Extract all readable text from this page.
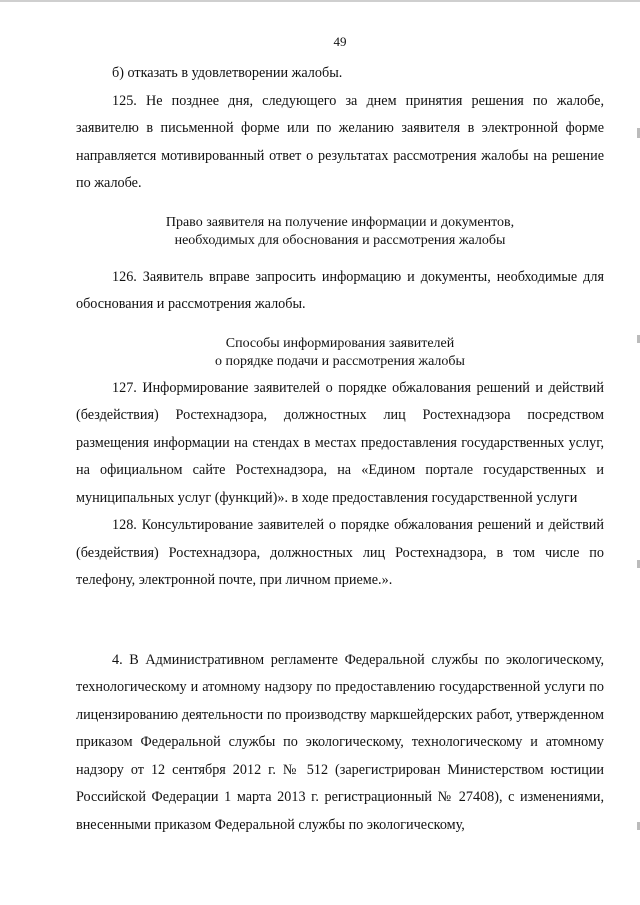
49

б) отказать в удовлетворении жалобы.

125. Не позднее дня, следующего за днем принятия решения по жалобе, заявителю в письменной форме или по желанию заявителя в электронной форме направляется мотивированный ответ о результатах рассмотрения жалобы на решение по жалобе.

Право заявителя на получение информации и документов,
необходимых для обоснования и рассмотрения жалобы

126. Заявитель вправе запросить информацию и документы, необходимые для обоснования и рассмотрения жалобы.

Способы информирования заявителей
о порядке подачи и рассмотрения жалобы

127. Информирование заявителей о порядке обжалования решений и действий (бездействия) Ростехнадзора, должностных лиц Ростехнадзора посредством размещения информации на стендах в местах предоставления государственных услуг, на официальном сайте Ростехнадзора, на «Едином портале государственных и муниципальных услуг (функций)». в ходе предоставления государственной услуги

128. Консультирование заявителей о порядке обжалования решений и действий (бездействия) Ростехнадзора, должностных лиц Ростехнадзора, в том числе по телефону, электронной почте, при личном приеме.».

4. В Административном регламенте Федеральной службы по экологическому, технологическому и атомному надзору по предоставлению государственной услуги по лицензированию деятельности по производству маркшейдерских работ, утвержденном приказом Федеральной службы по экологическому, технологическому и атомному надзору от 12 сентября 2012 г. № 512 (зарегистрирован Министерством юстиции Российской Федерации 1 марта 2013 г. регистрационный № 27408), с изменениями, внесенными приказом Федеральной службы по экологическому,
